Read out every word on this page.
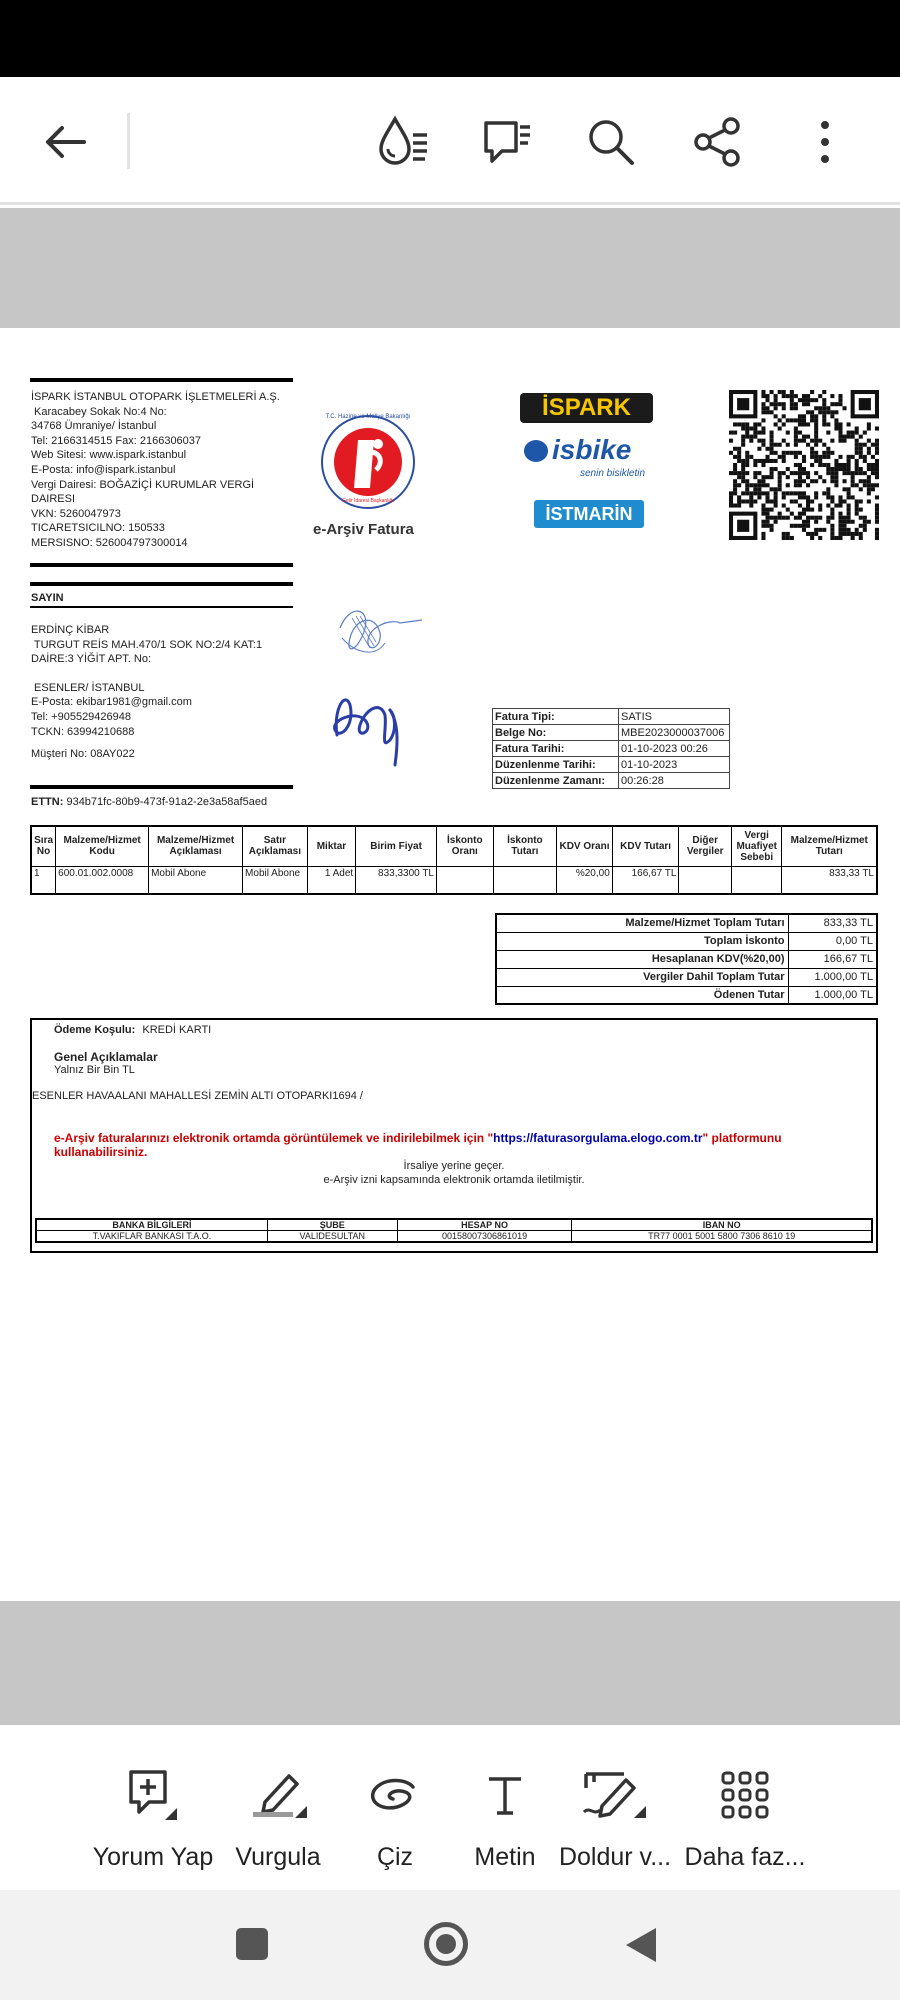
İSPARK İSTANBUL OTOPARK İŞLETMELERİ A.Ş.
Karacabey Sokak No:4 No:
34768 Ümraniye/ İstanbul
Tel: 2166314515 Fax: 2166306037
Web Sitesi: www.ispark.istanbul
E-Posta: info@ispark.istanbul
Vergi Dairesi: BOĞAZİÇİ KURUMLAR VERGİ
DAIRESI
VKN: 5260047973
TICARETSICILNO: 150533
MERSISNO: 526004797300014
T.C. Hazine ve Maliye Bakanlığı
Gelir İdaresi Başkanlığı
e-Arşiv Fatura
İSPARK
isbike
senin bisikletin
İSTMARİN
SAYIN
ERDİNÇ KİBAR
TURGUT REİS MAH.470/1 SOK NO:2/4 KAT:1
DAİRE:3 YİĞİT APT. No:
ESENLER/ İSTANBUL
E-Posta: ekibar1981@gmail.com
Tel: +905529426948
TCKN: 63994210688
Müşteri No: 08AY022
ETTN: 934b71fc-80b9-473f-91a2-2e3a58af5aed
Fatura Tipi:	SATIS
Belge No:	MBE2023000037006
Fatura Tarihi:	01-10-2023 00:26
Düzenlenme Tarihi:	01-10-2023
Düzenlenme Zamanı:	00:26:28
Sıra No	Malzeme/Hizmet Kodu	Malzeme/Hizmet Açıklaması	Satır Açıklaması	Miktar	Birim Fiyat	İskonto Oranı	İskonto Tutarı	KDV Oranı	KDV Tutarı	Diğer Vergiler	Vergi Muafiyet Sebebi	Malzeme/Hizmet Tutarı
1	600.01.002.0008	Mobil Abone	Mobil Abone	1 Adet	833,3300 TL			%20,00	166,67 TL			833,33 TL
Malzeme/Hizmet Toplam Tutarı	833,33 TL
Toplam İskonto	0,00 TL
Hesaplanan KDV(%20,00)	166,67 TL
Vergiler Dahil Toplam Tutar	1.000,00 TL
Ödenen Tutar	1.000,00 TL
Ödeme Koşulu: KREDİ KARTI
Genel Açıklamalar
Yalnız Bir Bin TL
ESENLER HAVAALANI MAHALLESİ ZEMİN ALTI OTOPARKI1694 /
e-Arşiv faturalarınızı elektronik ortamda görüntülemek ve indirilebilmek için "https://faturasorgulama.elogo.com.tr" platformunu kullanabilirsiniz.
İrsaliye yerine geçer.
e-Arşiv izni kapsamında elektronik ortamda iletilmiştir.
BANKA BİLGİLERİ	ŞUBE	HESAP NO	IBAN NO
T.VAKIFLAR BANKASI T.A.O.	VALIDESULTAN	00158007306861019	TR77 0001 5001 5800 7306 8610 19
Yorum Yap Vurgula	Çiz	Metin Doldur v... Daha faz...
